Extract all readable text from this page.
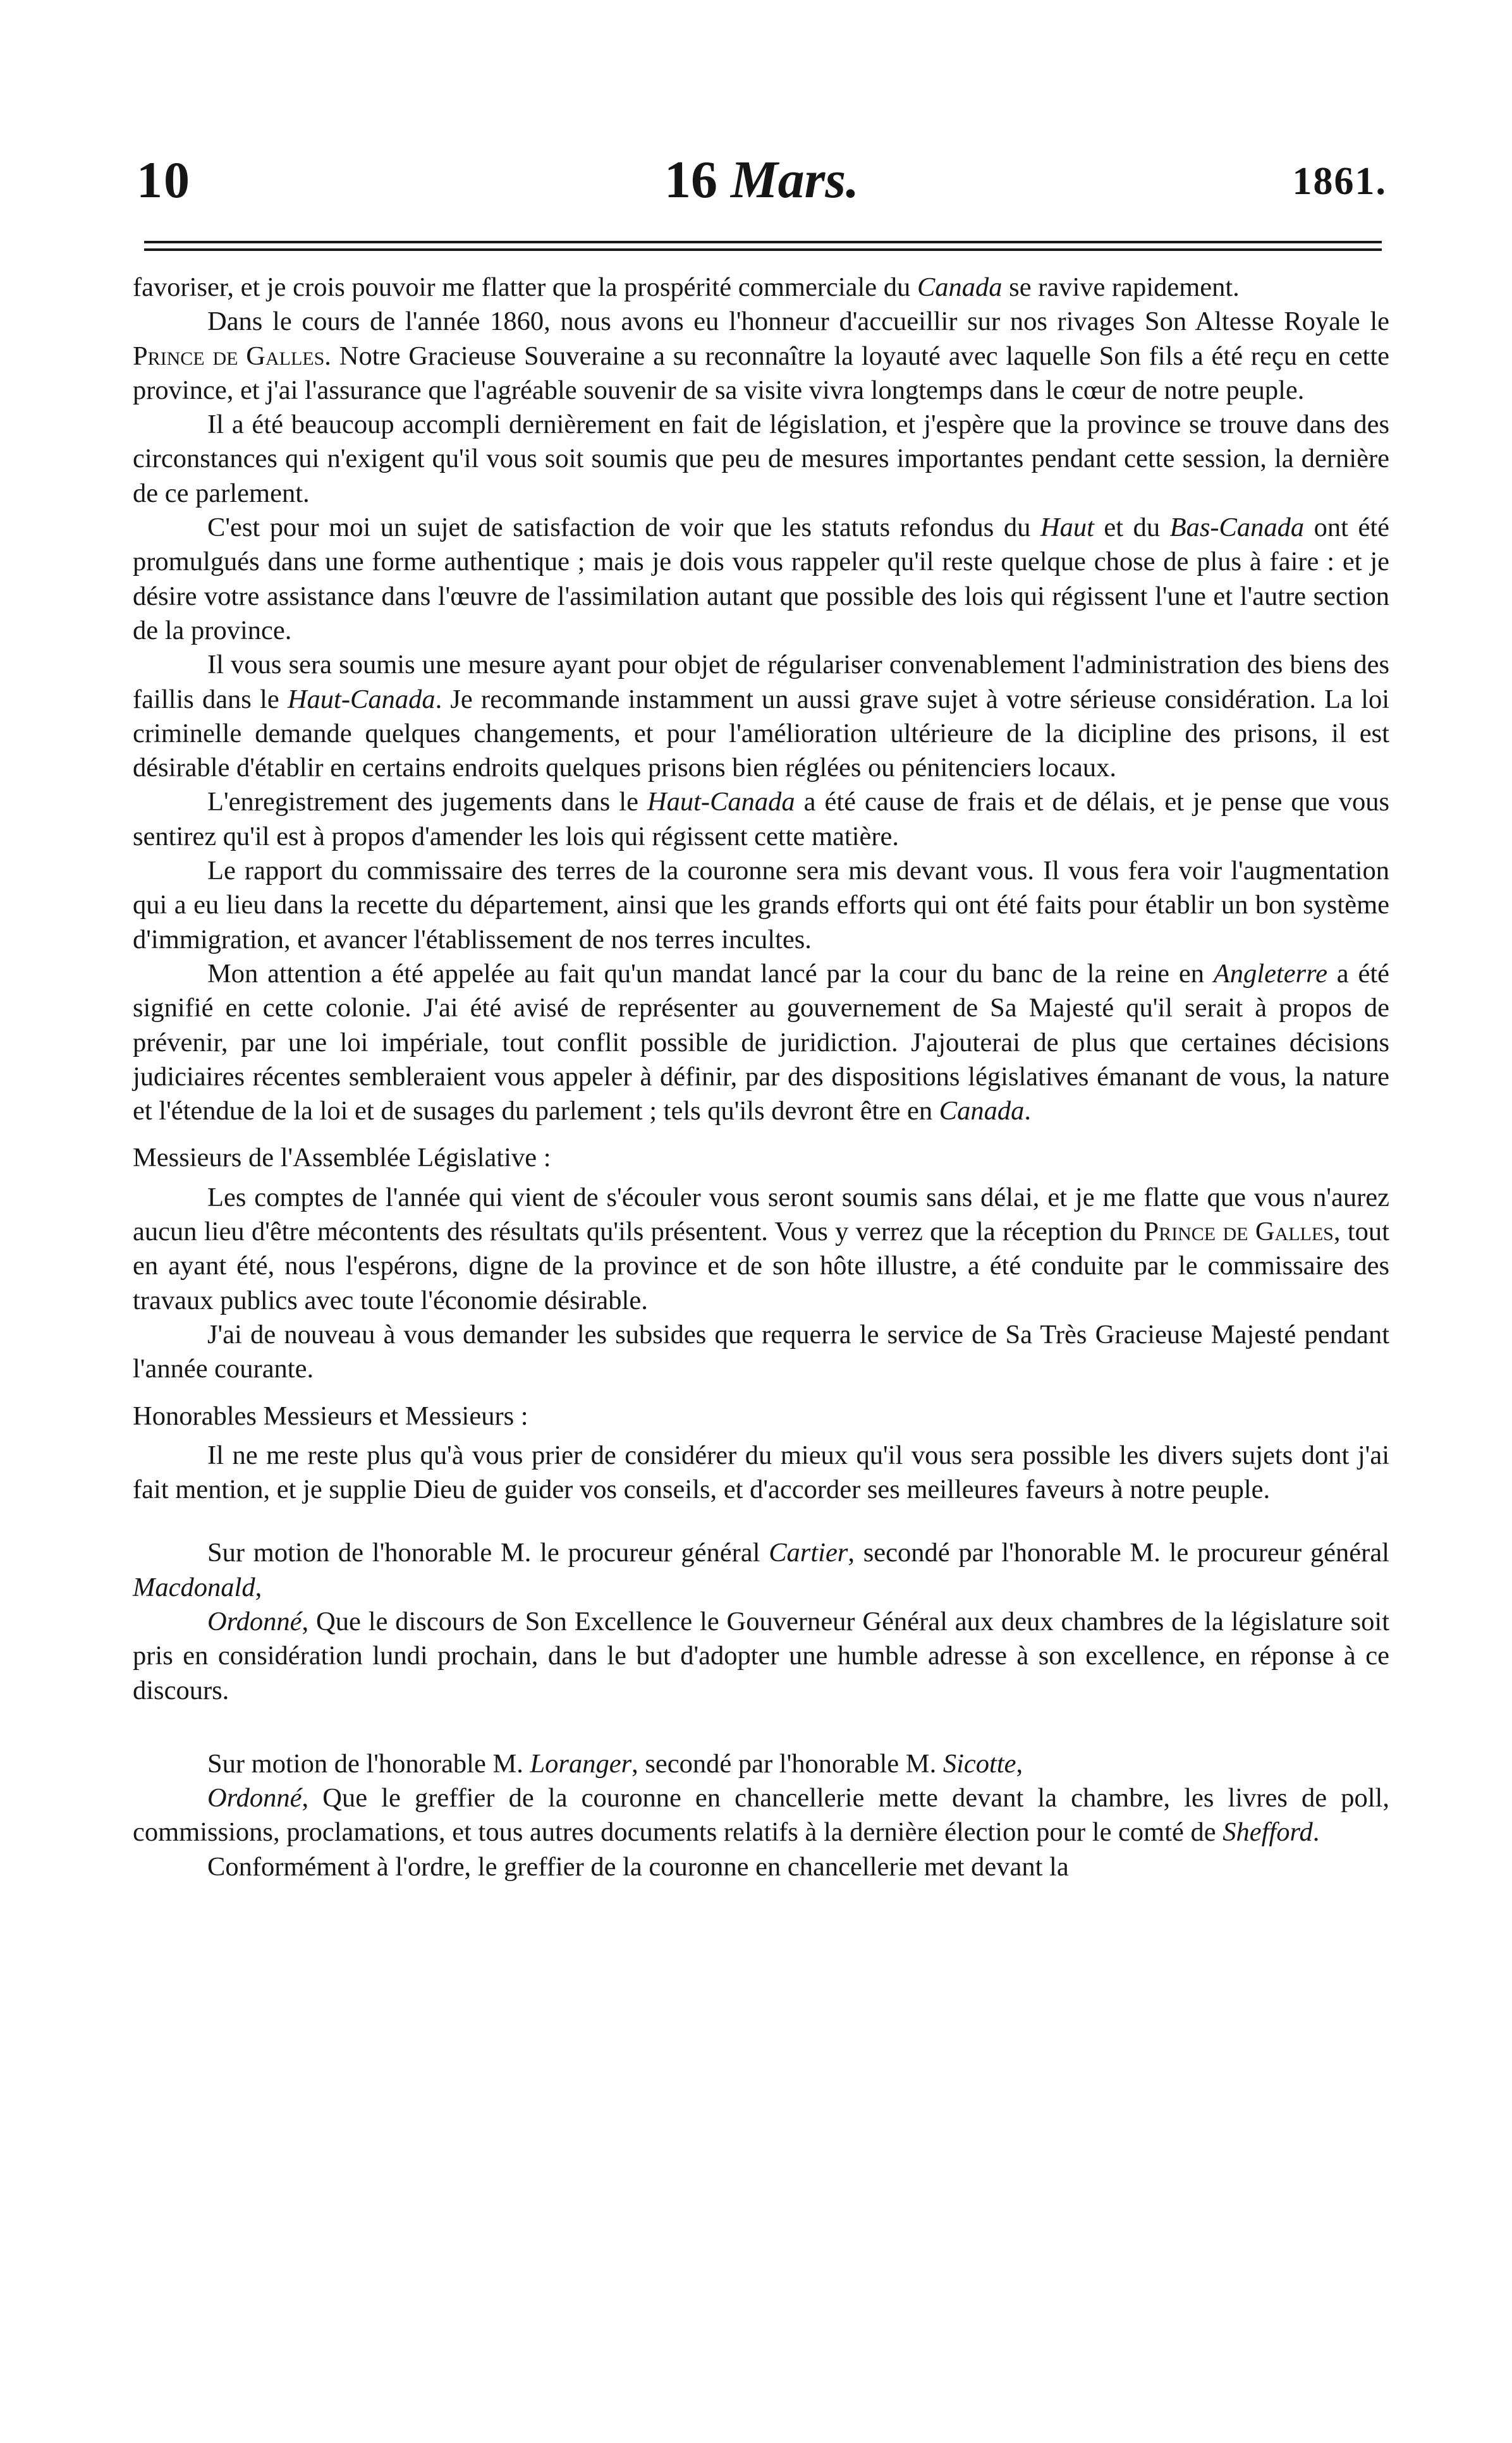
10	16 Mars.	1861.

favoriser, et je crois pouvoir me flatter que la prospérité commerciale du Canada se ravive rapidement.

Dans le cours de l'année 1860, nous avons eu l'honneur d'accueillir sur nos rivages Son Altesse Royale le Prince de Galles. Notre Gracieuse Souveraine a su reconnaître la loyauté avec laquelle Son fils a été reçu en cette province, et j'ai l'assurance que l'agréable souvenir de sa visite vivra longtemps dans le cœur de notre peuple.

Il a été beaucoup accompli dernièrement en fait de législation, et j'espère que la province se trouve dans des circonstances qui n'exigent qu'il vous soit soumis que peu de mesures importantes pendant cette session, la dernière de ce parlement.

C'est pour moi un sujet de satisfaction de voir que les statuts refondus du Haut et du Bas-Canada ont été promulgués dans une forme authentique ; mais je dois vous rappeler qu'il reste quelque chose de plus à faire : et je désire votre assistance dans l'œuvre de l'assimilation autant que possible des lois qui régissent l'une et l'autre section de la province.

Il vous sera soumis une mesure ayant pour objet de régulariser convenablement l'administration des biens des faillis dans le Haut-Canada. Je recommande instamment un aussi grave sujet à votre sérieuse considération. La loi criminelle demande quelques changements, et pour l'amélioration ultérieure de la dicipline des prisons, il est désirable d'établir en certains endroits quelques prisons bien réglées ou pénitenciers locaux.

L'enregistrement des jugements dans le Haut-Canada a été cause de frais et de délais, et je pense que vous sentirez qu'il est à propos d'amender les lois qui régissent cette matière.

Le rapport du commissaire des terres de la couronne sera mis devant vous. Il vous fera voir l'augmentation qui a eu lieu dans la recette du département, ainsi que les grands efforts qui ont été faits pour établir un bon système d'immigration, et avancer l'établissement de nos terres incultes.

Mon attention a été appelée au fait qu'un mandat lancé par la cour du banc de la reine en Angleterre a été signifié en cette colonie. J'ai été avisé de représenter au gouvernement de Sa Majesté qu'il serait à propos de prévenir, par une loi impériale, tout conflit possible de juridiction. J'ajouterai de plus que certaines décisions judiciaires récentes sembleraient vous appeler à définir, par des dispositions législatives émanant de vous, la nature et l'étendue de la loi et de susages du parlement ; tels qu'ils devront être en Canada.

Messieurs de l'Assemblée Législative :

Les comptes de l'année qui vient de s'écouler vous seront soumis sans délai, et je me flatte que vous n'aurez aucun lieu d'être mécontents des résultats qu'ils présentent. Vous y verrez que la réception du Prince de Galles, tout en ayant été, nous l'espérons, digne de la province et de son hôte illustre, a été conduite par le commissaire des travaux publics avec toute l'économie désirable.

J'ai de nouveau à vous demander les subsides que requerra le service de Sa Très Gracieuse Majesté pendant l'année courante.

Honorables Messieurs et Messieurs :

Il ne me reste plus qu'à vous prier de considérer du mieux qu'il vous sera possible les divers sujets dont j'ai fait mention, et je supplie Dieu de guider vos conseils, et d'accorder ses meilleures faveurs à notre peuple.

Sur motion de l'honorable M. le procureur général Cartier, secondé par l'honorable M. le procureur général Macdonald,

Ordonné, Que le discours de Son Excellence le Gouverneur Général aux deux chambres de la législature soit pris en considération lundi prochain, dans le but d'adopter une humble adresse à son excellence, en réponse à ce discours.

Sur motion de l'honorable M. Loranger, secondé par l'honorable M. Sicotte,

Ordonné, Que le greffier de la couronne en chancellerie mette devant la chambre, les livres de poll, commissions, proclamations, et tous autres documents relatifs à la dernière élection pour le comté de Shefford.

Conformément à l'ordre, le greffier de la couronne en chancellerie met devant la
